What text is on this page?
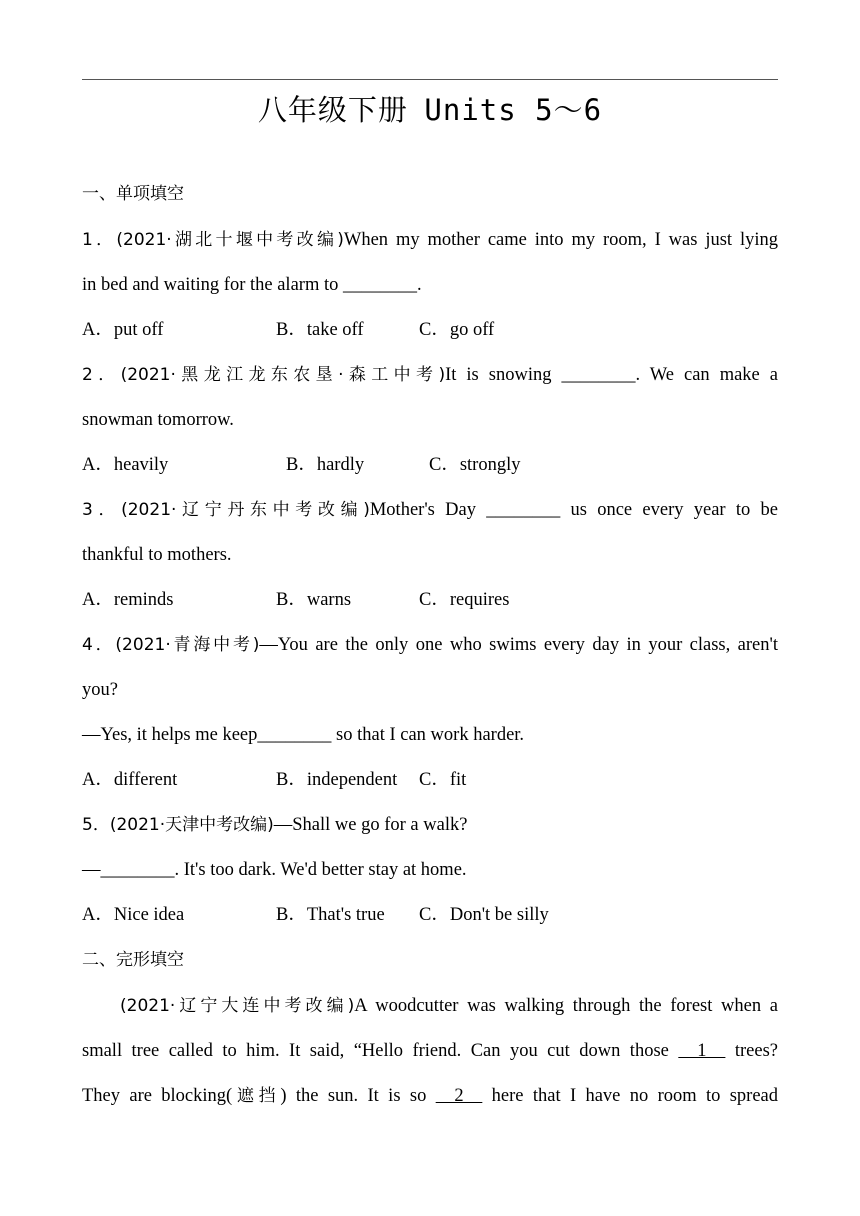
八年级下册 Units 5～6
一、单项填空
1．(2021·湖北十堰中考改编)When my mother came into my room, I was just lying
in bed and waiting for the alarm to ________.
A．put off	B．take off	C．go off
2．(2021·黑龙江龙东农垦·森工中考)It is snowing ________. We can make a
snowman tomorrow.
A．heavily	B．hardly	C．strongly
3．(2021·辽宁丹东中考改编)Mother's Day ________ us once every year to be
thankful to mothers.
A．reminds	B．warns	C．requires
4．(2021·青海中考)—You are the only one who swims every day in your class, aren't
you?
—Yes, it helps me keep________ so that I can work harder.
A．different	B．independent C．fit
5．(2021·天津中考改编)—Shall we go for a walk?
—________. It's too dark. We'd better stay at home.
A．Nice idea	B．That's true C．Don't be silly
二、完形填空
(2021·辽宁大连中考改编)A woodcutter was walking through the forest when a
small tree called to him. It said, “Hello friend. Can you cut down those   1   trees?
They are blocking(遮挡) the sun. It is so   2   here that I have no room to spread
